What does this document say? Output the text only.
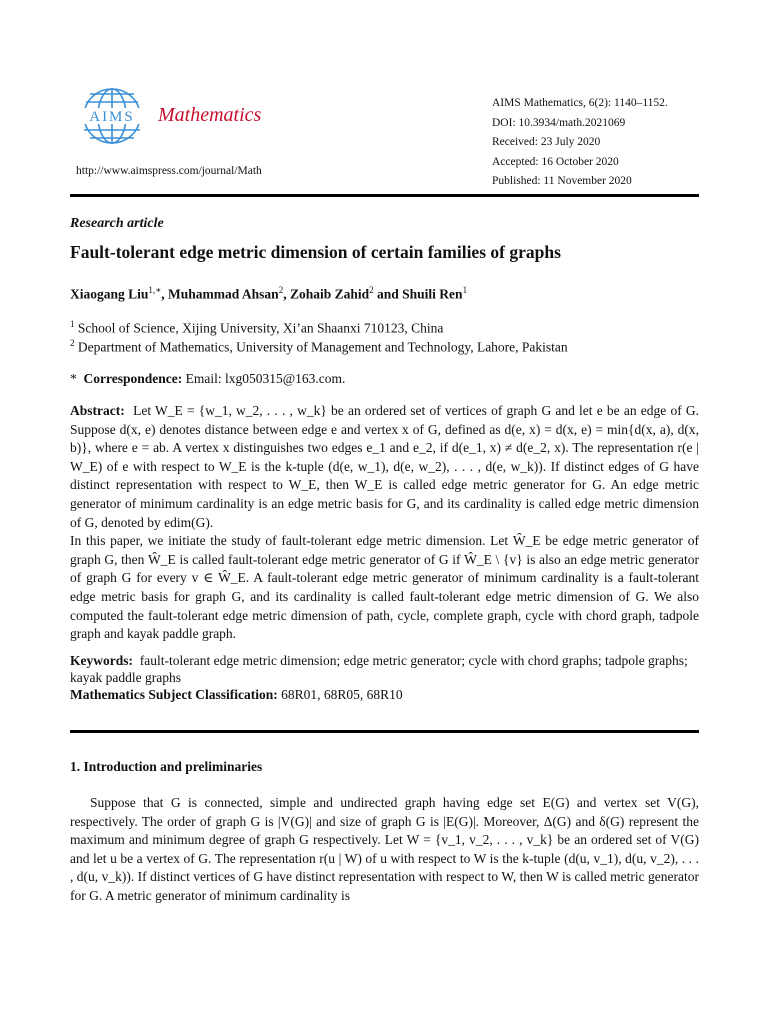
AIMS Mathematics
http://www.aimspress.com/journal/Math
AIMS Mathematics, 6(2): 1140–1152.
DOI: 10.3934/math.2021069
Received: 23 July 2020
Accepted: 16 October 2020
Published: 11 November 2020
Research article
Fault-tolerant edge metric dimension of certain families of graphs
Xiaogang Liu$^{1,∗}$, Muhammad Ahsan$^2$, Zohaib Zahid$^2$ and Shuili Ren$^1$
$^1$ School of Science, Xijing University, Xi’an Shaanxi 710123, China
$^2$ Department of Mathematics, University of Management and Technology, Lahore, Pakistan
* Correspondence: Email: lxg050315@163.com.

Abstract: Let W_E = {w_1, w_2, . . . , w_k} be an ordered set of vertices of graph G and let e be an edge of G. Suppose d(x, e) denotes distance between edge e and vertex x of G, defined as d(e, x) = d(x, e) = min{d(x, a), d(x, b)}, where e = ab. A vertex x distinguishes two edges e_1 and e_2, if d(e_1, x) ≠ d(e_2, x). The representation r(e | W_E) of e with respect to W_E is the k-tuple (d(e, w_1), d(e, w_2), . . . , d(e, w_k)). If distinct edges of G have distinct representation with respect to W_E, then W_E is called edge metric generator for G. An edge metric generator of minimum cardinality is an edge metric basis for G, and its cardinality is called edge metric dimension of G, denoted by edim(G).

In this paper, we initiate the study of fault-tolerant edge metric dimension. Let Ŵ_E be edge metric generator of graph G, then Ŵ_E is called fault-tolerant edge metric generator of G if Ŵ_E \ {v} is also an edge metric generator of graph G for every v ∈ Ŵ_E. A fault-tolerant edge metric generator of minimum cardinality is a fault-tolerant edge metric basis for graph G, and its cardinality is called fault-tolerant edge metric dimension of G. We also computed the fault-tolerant edge metric dimension of path, cycle, complete graph, cycle with chord graph, tadpole graph and kayak paddle graph.

Keywords: fault-tolerant edge metric dimension; edge metric generator; cycle with chord graphs; tadpole graphs; kayak paddle graphs

Mathematics Subject Classification: 68R01, 68R05, 68R10

1. Introduction and preliminaries

Suppose that G is connected, simple and undirected graph having edge set E(G) and vertex set V(G), respectively. The order of graph G is |V(G)| and size of graph G is |E(G)|. Moreover, Δ(G) and δ(G) represent the maximum and minimum degree of graph G respectively. Let W = {v_1, v_2, . . . , v_k} be an ordered set of V(G) and let u be a vertex of G. The representation r(u | W) of u with respect to W is the k-tuple (d(u, v_1), d(u, v_2), . . . , d(u, v_k)). If distinct vertices of G have distinct representation with respect to W, then W is called metric generator for G. A metric generator of minimum cardinality is
